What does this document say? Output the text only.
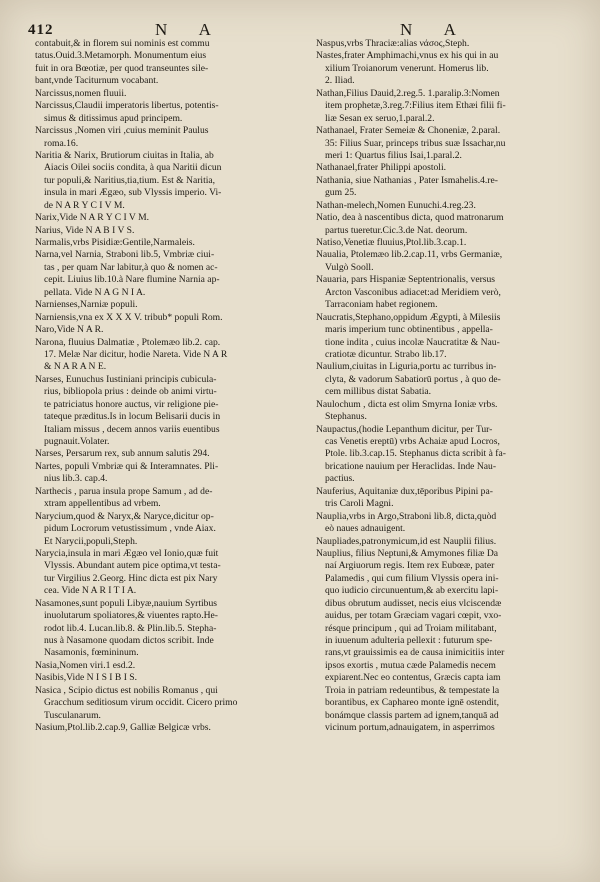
412	N A	N A
contabuit,& in florem sui nominis est commu
tatus.Ouid.3.Metamorph. Monumentum eius
fuit in ora Bœotiæ, per quod transeuntes sile-
bant,vnde Taciturnum vocabant.
Narcissus,nomen fluuii.
Narcissus,Claudii imperatoris libertus, potentis-
simus & ditissimus apud principem.
Narcissus ,Nomen viri ,cuius meminit Paulus
roma.16.
Naritia & Narix, Brutiorum ciuitas in Italia, ab
Aiacis Oilei sociis condita, à qua Naritii dicun
tur populi,& Naritius,tia,tium. Est & Naritia,
insula in mari Ægæo, sub Vlyssis imperio. Vi-
de N A R Y C I V M.
Narix,Vide N A R Y C I V M.
Narius, Vide N A B I V S.
Narmalis,vrbs Pisidiæ:Gentile,Narmaleis.
Narna,vel Narnia, Straboni lib.5, Vmbriæ ciui-
tas , per quam Nar labitur,à quo & nomen ac-
cepit. Liuius lib.10.à Nare flumine Narnia ap-
pellata. Vide N A G N I A.
Narnienses,Narniæ populi.
Narniensis,vna ex X X X V. tribub* populi Rom.
Naro,Vide N A R.
Narona, fluuius Dalmatiæ , Ptolemæo lib.2. cap.
17. Melæ Nar dicitur, hodie Nareta. Vide N A R
& N A R A N E.
Narses, Eunuchus Iustiniani principis cubicula-
rius, bibliopola prius : deinde ob animi virtu-
te patriciatus honore auctus, vir religione pie-
tateque præditus.Is in locum Belisarii ducis in
Italiam missus , decem annos variis euentibus
pugnauit.Volater.
Narses, Persarum rex, sub annum salutis 294.
Nartes, populi Vmbriæ qui & Interamnates. Pli-
nius lib.3. cap.4.
Narthecis , parua insula prope Samum , ad de-
xtram appellentibus ad vrbem.
Narycium,quod & Naryx,& Naryce,dicitur op-
pidum Locrorum vetustissimum , vnde Aiax.
Et Narycii,populi,Steph.
Narycia,insula in mari Ægæo vel Ionio,quæ fuit
Vlyssis. Abundant autem pice optima,vt testa-
tur Virgilius 2.Georg. Hinc dicta est pix Nary
cea. Vide N A R I T I A.
Nasamones,sunt populi Libyæ,nauium Syrtibus
inuolutarum spoliatores,& viuentes rapto.He-
rodot lib.4. Lucan.lib.8. & Plin.lib.5. Stepha-
nus à Nasamone quodam dictos scribit. Inde
Nasamonis, fœmininum.
Nasia,Nomen viri.1 esd.2.
Nasibis,Vide N I S I B I S.
Nasica , Scipio dictus est nobilis Romanus , qui
Gracchum seditiosum virum occidit. Cicero primo
Tusculanarum.
Nasium,Ptol.lib.2.cap.9, Galliæ Belgicæ vrbs.
Naspus,vrbs Thraciæ:alias νάσος,Steph.
Nastes,frater Amphimachi,vnus ex his qui in au
xilium Troianorum venerunt. Homerus lib.
2. Iliad.
Nathan,Filius Dauid,2.reg.5. 1.paralip.3:Nomen
item prophetæ,3.reg.7:Filius item Ethæi filii fi-
liæ Sesan ex seruo,1.paral.2.
Nathanael, Frater Semeiæ & Choneniæ, 2.paral.
35: Filius Suar, princeps tribus suæ Issachar,nu
meri 1: Quartus filius Isai,1.paral.2.
Nathanael,frater Philippi apostoli.
Nathania, siue Nathanias , Pater Ismahelis.4.re-
gum 25.
Nathan-melech,Nomen Eunuchi.4.reg.23.
Natio, dea à nascentibus dicta, quod matronarum
partus tueretur.Cic.3.de Nat. deorum.
Natiso,Venetiæ fluuius,Ptol.lib.3.cap.1.
Naualia, Ptolemæo lib.2.cap.11, vrbs Germaniæ,
Vulgò Sooll.
Nauaria, pars Hispaniæ Septentrionalis, versus
Arcton Vasconibus adiacet:ad Meridiem verò,
Tarraconiam habet regionem.
Naucratis,Stephano,oppidum Ægypti, à Milesiis
maris imperium tunc obtinentibus , appella-
tione indita , cuius incolæ Naucratitæ & Nau-
cratiotæ dicuntur. Strabo lib.17.
Naulium,ciuitas in Liguria,portu ac turribus in-
clyta, & vadorum Sabatiorū portus , à quo de-
cem millibus distat Sabatia.
Naulochum , dicta est olim Smyrna Ioniæ vrbs.
Stephanus.
Naupactus,(hodie Lepanthum dicitur, per Tur-
cas Venetis ereptū) vrbs Achaiæ apud Locros,
Ptole. lib.3.cap.15. Stephanus dicta scribit à fa-
bricatione nauium per Heraclidas. Inde Nau-
pactius.
Nauferius, Aquitaniæ dux,tēporibus Pipini pa-
tris Caroli Magni.
Nauplia,vrbs in Argo,Straboni lib.8, dicta,quòd
eò naues adnauigent.
Naupliades,patronymicum,id est Nauplii filius.
Nauplius, filius Neptuni,& Amymones filiæ Da
naí Argiuorum regis. Item rex Eubœæ, pater
Palamedis , qui cum filium Vlyssis opera ini-
quo iudicio circunuentum,& ab exercitu lapi-
dibus obrutum audisset, necis eius vlciscendæ
auidus, per totam Græciam vagari cœpit, vxo-
résque principum , qui ad Troiam militabant,
in iuuenum adulteria pellexit : futurum spe-
rans,vt grauissimis ea de causa inimicitiis inter
ipsos exortis , mutua cæde Palamedis necem
expiarent.Nec eo contentus, Græcis capta iam
Troia in patriam redeuntibus, & tempestate la
borantibus, ex Caphareo monte ignē ostendit,
bonámque classis partem ad ignem,tanquā ad
vicinum portum,adnauigatem, in asperrimos
